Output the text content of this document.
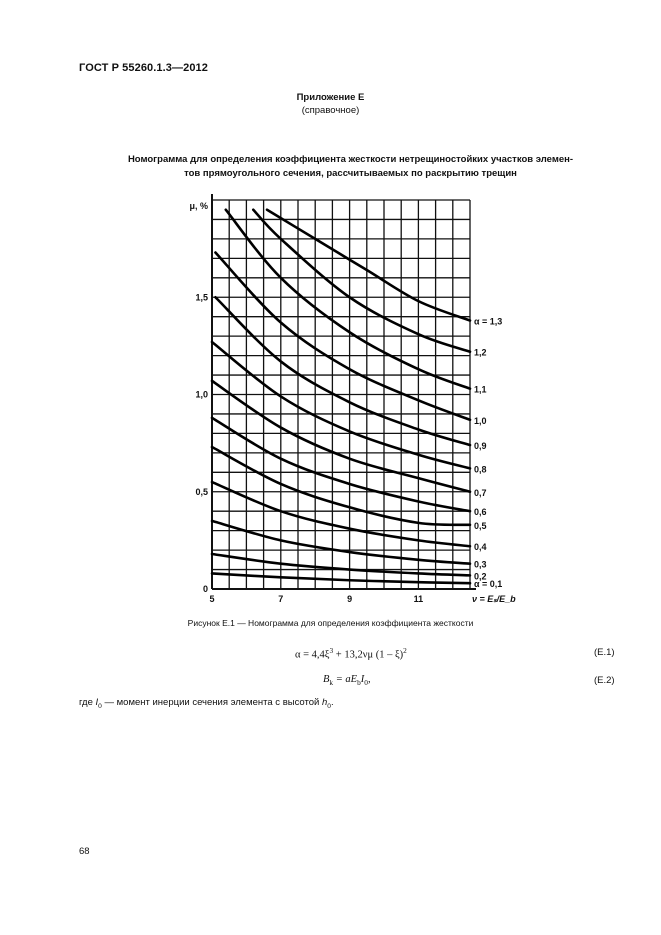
ГОСТ Р 55260.1.3—2012
Приложение Е
(справочное)
Номограмма для определения коэффициента жесткости нетрещиностойких участков элемен-
тов прямоугольного сечения, рассчитываемых по раскрытию трещин
α = 0,1
0,2
0,3
0,4
0,5
0,6
0,7
0,8
0,9
1,0
1,1
1,2
α = 1,3
5	7	9	11
0
0,5
1,0
1,5
μ, %
ν = Eₛ/E_b
Рисунок Е.1 — Номограмма для определения коэффициента жесткости
$\alpha = 4,4\xi^3 + 13,2\nu\mu$ (1 – ξ)$^2$	(Е.1)
$B_k = aE_bI_0$,	(Е.2)
где $I_0$ — момент инерции сечения элемента с высотой $h_0$.
68
